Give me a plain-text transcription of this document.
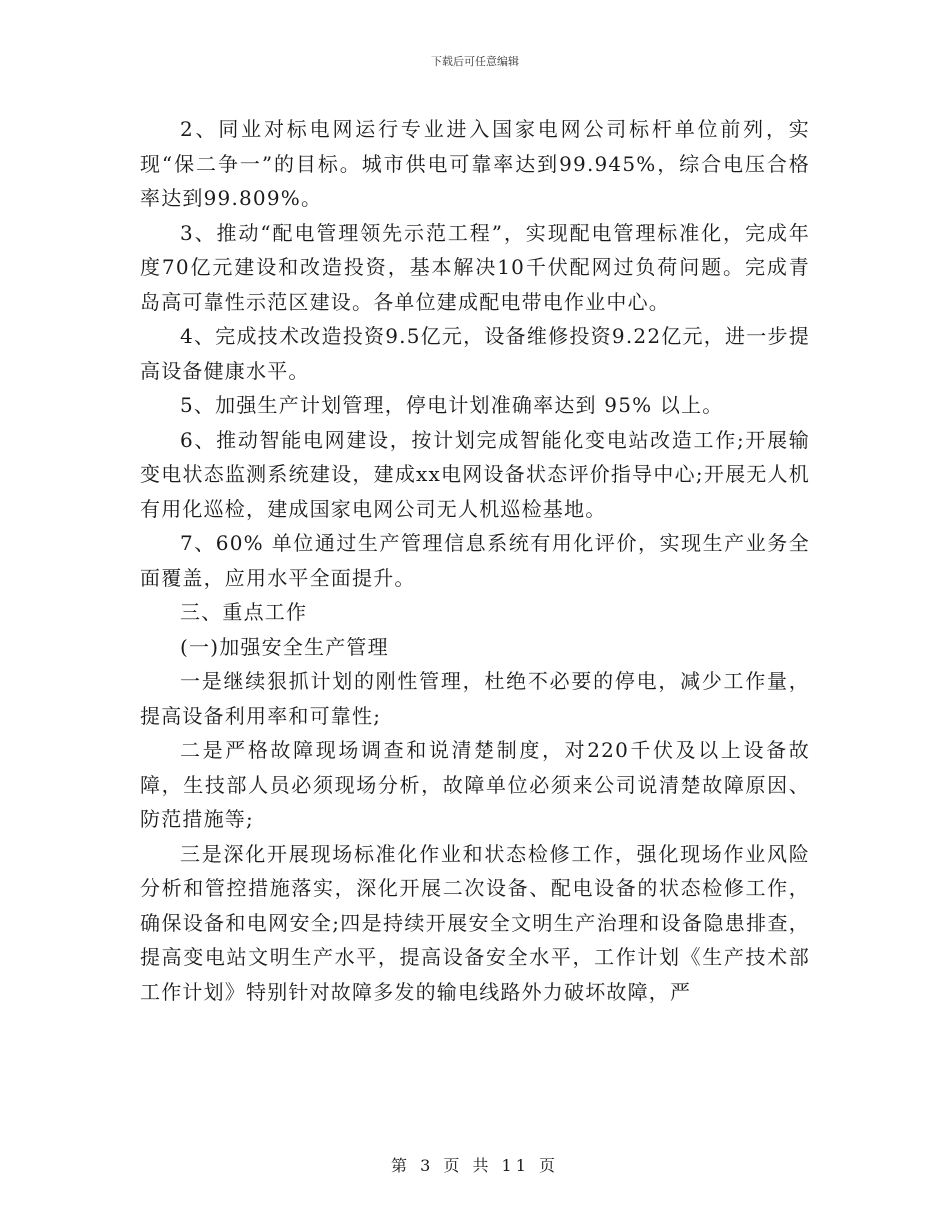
下载后可任意编辑

2、同业对标电网运行专业进入国家电网公司标杆单位前列，实现“保二争一”的目标。城市供电可靠率达到99.945%，综合电压合格率达到99.809%。

3、推动“配电管理领先示范工程”，实现配电管理标准化，完成年度70亿元建设和改造投资，基本解决10千伏配网过负荷问题。完成青岛高可靠性示范区建设。各单位建成配电带电作业中心。

4、完成技术改造投资9.5亿元，设备维修投资9.22亿元，进一步提高设备健康水平。

5、加强生产计划管理，停电计划准确率达到 95% 以上。

6、推动智能电网建设，按计划完成智能化变电站改造工作;开展输变电状态监测系统建设，建成xx电网设备状态评价指导中心;开展无人机有用化巡检，建成国家电网公司无人机巡检基地。

7、60% 单位通过生产管理信息系统有用化评价，实现生产业务全面覆盖，应用水平全面提升。

三、重点工作

(一)加强安全生产管理

一是继续狠抓计划的刚性管理，杜绝不必要的停电，减少工作量，提高设备利用率和可靠性;

二是严格故障现场调查和说清楚制度，对220千伏及以上设备故障，生技部人员必须现场分析，故障单位必须来公司说清楚故障原因、防范措施等;

三是深化开展现场标准化作业和状态检修工作，强化现场作业风险分析和管控措施落实，深化开展二次设备、配电设备的状态检修工作，确保设备和电网安全;四是持续开展安全文明生产治理和设备隐患排查，提高变电站文明生产水平，提高设备安全水平，工作计划《生产技术部工作计划》特别针对故障多发的输电线路外力破坏故障，严

第 3 页 共 11 页
